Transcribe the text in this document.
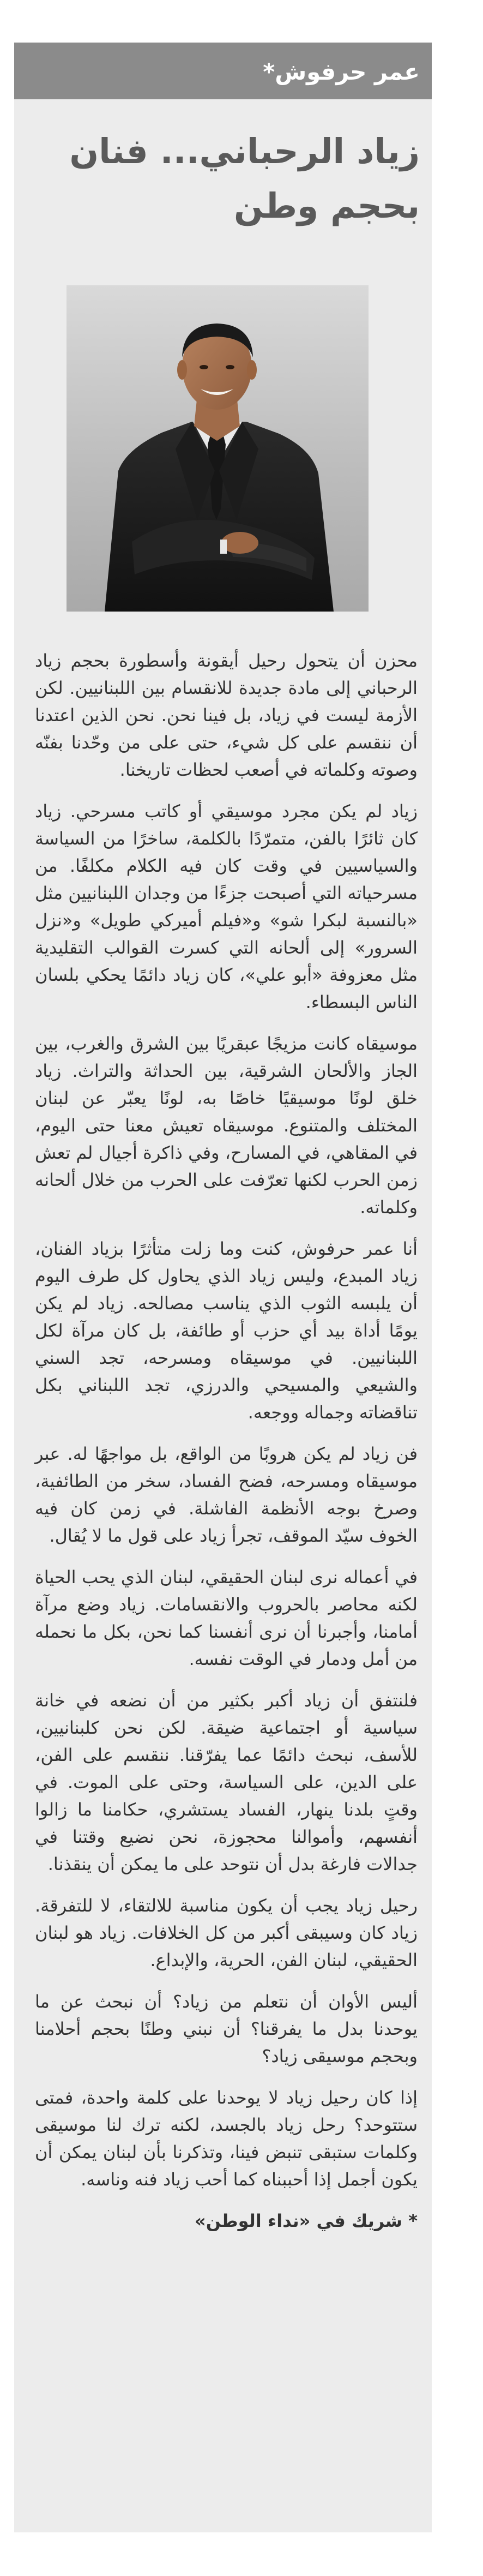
عمر حرفوش*
زياد الرحباني... فنان بحجم وطن

محزن أن يتحول رحيل أيقونة وأسطورة بحجم زياد الرحباني إلى مادة جديدة للانقسام بين اللبنانيين. لكن الأزمة ليست في زياد، بل فينا نحن. نحن الذين اعتدنا أن ننقسم على كل شيء، حتى على من وحّدنا بفنّه وصوته وكلماته في أصعب لحظات تاريخنا.

زياد لم يكن مجرد موسيقي أو كاتب مسرحي. زياد كان ثائرًا بالفن، متمرّدًا بالكلمة، ساخرًا من السياسة والسياسيين في وقت كان فيه الكلام مكلفًا. من مسرحياته التي أصبحت جزءًا من وجدان اللبنانيين مثل «بالنسبة لبكرا شو» و«فيلم أميركي طويل» و«نزل السرور» إلى ألحانه التي كسرت القوالب التقليدية مثل معزوفة «أبو علي»، كان زياد دائمًا يحكي بلسان الناس البسطاء.

موسيقاه كانت مزيجًا عبقريًا بين الشرق والغرب، بين الجاز والألحان الشرقية، بين الحداثة والتراث. زياد خلق لونًا موسيقيًا خاصًا به، لونًا يعبّر عن لبنان المختلف والمتنوع. موسيقاه تعيش معنا حتى اليوم، في المقاهي، في المسارح، وفي ذاكرة أجيال لم تعش زمن الحرب لكنها تعرّفت على الحرب من خلال ألحانه وكلماته.

أنا عمر حرفوش، كنت وما زلت متأثرًا بزياد الفنان، زياد المبدع، وليس زياد الذي يحاول كل طرف اليوم أن يلبسه الثوب الذي يناسب مصالحه. زياد لم يكن يومًا أداة بيد أي حزب أو طائفة، بل كان مرآة لكل اللبنانيين. في موسيقاه ومسرحه، تجد السني والشيعي والمسيحي والدرزي، تجد اللبناني بكل تناقضاته وجماله ووجعه.

فن زياد لم يكن هروبًا من الواقع، بل مواجهًا له. عبر موسيقاه ومسرحه، فضح الفساد، سخر من الطائفية، وصرخ بوجه الأنظمة الفاشلة. في زمن كان فيه الخوف سيّد الموقف، تجرأ زياد على قول ما لا يُقال.

في أعماله نرى لبنان الحقيقي، لبنان الذي يحب الحياة لكنه محاصر بالحروب والانقسامات. زياد وضع مرآة أمامنا، وأجبرنا أن نرى أنفسنا كما نحن، بكل ما نحمله من أمل ودمار في الوقت نفسه.

فلنتفق أن زياد أكبر بكثير من أن نضعه في خانة سياسية أو اجتماعية ضيقة. لكن نحن كلبنانيين، للأسف، نبحث دائمًا عما يفرّقنا. ننقسم على الفن، على الدين، على السياسة، وحتى على الموت. في وقتٍ بلدنا ينهار، الفساد يستشري، حكامنا ما زالوا أنفسهم، وأموالنا محجوزة، نحن نضيع وقتنا في جدالات فارغة بدل أن نتوحد على ما يمكن أن ينقذنا.

رحيل زياد يجب أن يكون مناسبة للالتقاء، لا للتفرقة. زياد كان وسيبقى أكبر من كل الخلافات. زياد هو لبنان الحقيقي، لبنان الفن، الحرية، والإبداع.

أليس الأوان أن نتعلم من زياد؟ أن نبحث عن ما يوحدنا بدل ما يفرقنا؟ أن نبني وطنًا بحجم أحلامنا وبحجم موسيقى زياد؟

إذا كان رحيل زياد لا يوحدنا على كلمة واحدة، فمتى ستتوحد؟ رحل زياد بالجسد، لكنه ترك لنا موسيقى وكلمات ستبقى تنبض فينا، وتذكرنا بأن لبنان يمكن أن يكون أجمل إذا أحببناه كما أحب زياد فنه وناسه.

* شريك في «نداء الوطن»
